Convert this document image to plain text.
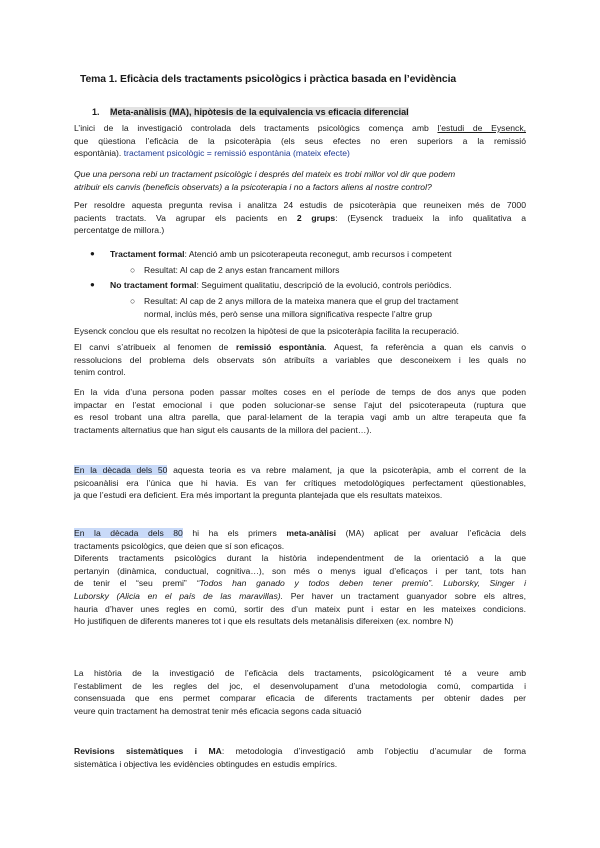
Tema 1. Eficàcia dels tractaments psicològics i pràctica basada en l’evidència
1. Meta-anàlisis (MA), hipòtesis de la equivalencia vs eficacia diferencial
L’inici de la investigació controlada dels tractaments psicològics comença amb l’estudi de Eysenck,
que qüestiona l’eficàcia de la psicoteràpia (els seus efectes no eren superiors a la remissió
espontània). tractament psicològic = remissió espontània (mateix efecte)
Que una persona rebi un tractament psicològic i després del mateix es trobi millor vol dir que podem
atribuir els canvis (beneficis observats) a la psicoterapia i no a factors aliens al nostre control?
Per resoldre aquesta pregunta revisa i analitza 24 estudis de psicoteràpia que reuneixen més de 7000
pacients tractats. Va agrupar els pacients en 2 grups: (Eysenck tradueix la info qualitativa a
percentatge de millora.)
● Tractament formal: Atenció amb un psicoterapeuta reconegut, amb recursos i competent
○ Resultat: Al cap de 2 anys estan francament millors
● No tractament formal: Seguiment qualitatiu, descripció de la evolució, controls periòdics.
○ Resultat: Al cap de 2 anys millora de la mateixa manera que el grup del tractament
normal, inclús més, però sense una millora significativa respecte l’altre grup
Eysenck conclou que els resultat no recolzen la hipòtesi de que la psicoteràpia facilita la recuperació.
El canvi s’atribueix al fenomen de remissió espontània. Aquest, fa referència a quan els canvis o
ressolucions del problema dels observats són atribuïts a variables que desconeixem i les quals no
tenim control.
En la vida d’una persona poden passar moltes coses en el període de temps de dos anys que poden
impactar en l’estat emocional i que poden solucionar-se sense l’ajut del psicoterapeuta (ruptura que
es resol trobant una altra parella, que paral·lelament de la terapia vagi amb un altre terapeuta que fa
tractaments alternatius que han sigut els causants de la millora del pacient…).
En la dècada dels 50 aquesta teoria es va rebre malament, ja que la psicoteràpia, amb el corrent de la
psicoanàlisi era l’única que hi havia. Es van fer crítiques metodològiques perfectament qüestionables,
ja que l’estudi era deficient. Era més important la pregunta plantejada que els resultats mateixos.
En la dècada dels 80 hi ha els primers meta-anàlisi (MA) aplicat per avaluar l’eficàcia dels
tractaments psicològics, que deien que sí son eficaços.
Diferents tractaments psicològics durant la història independentment de la orientació a la que
pertanyin (dinàmica, conductual, cognitiva…), son més o menys igual d’eficaços i per tant, tots han
de tenir el “seu premi” “Todos han ganado y todos deben tener premio”. Luborsky, Singer i
Luborsky (Alicia en el país de las maravillas). Per haver un tractament guanyador sobre els altres,
hauria d’haver unes regles en comú, sortir des d’un mateix punt i estar en les mateixes condicions.
Ho justifiquen de diferents maneres tot i que els resultats dels metanàlisis difereixen (ex. nombre N)
La història de la investigació de l’eficàcia dels tractaments, psicològicament té a veure amb
l’establiment de les regles del joc, el desenvolupament d’una metodologia comú, compartida i
consensuada que ens permet comparar eficacia de diferents tractaments per obtenir dades per
veure quin tractament ha demostrat tenir més eficacia segons cada situació
Revisions sistemàtiques i MA: metodologia d’investigació amb l’objectiu d’acumular de forma
sistemàtica i objectiva les evidències obtingudes en estudis empírics.
